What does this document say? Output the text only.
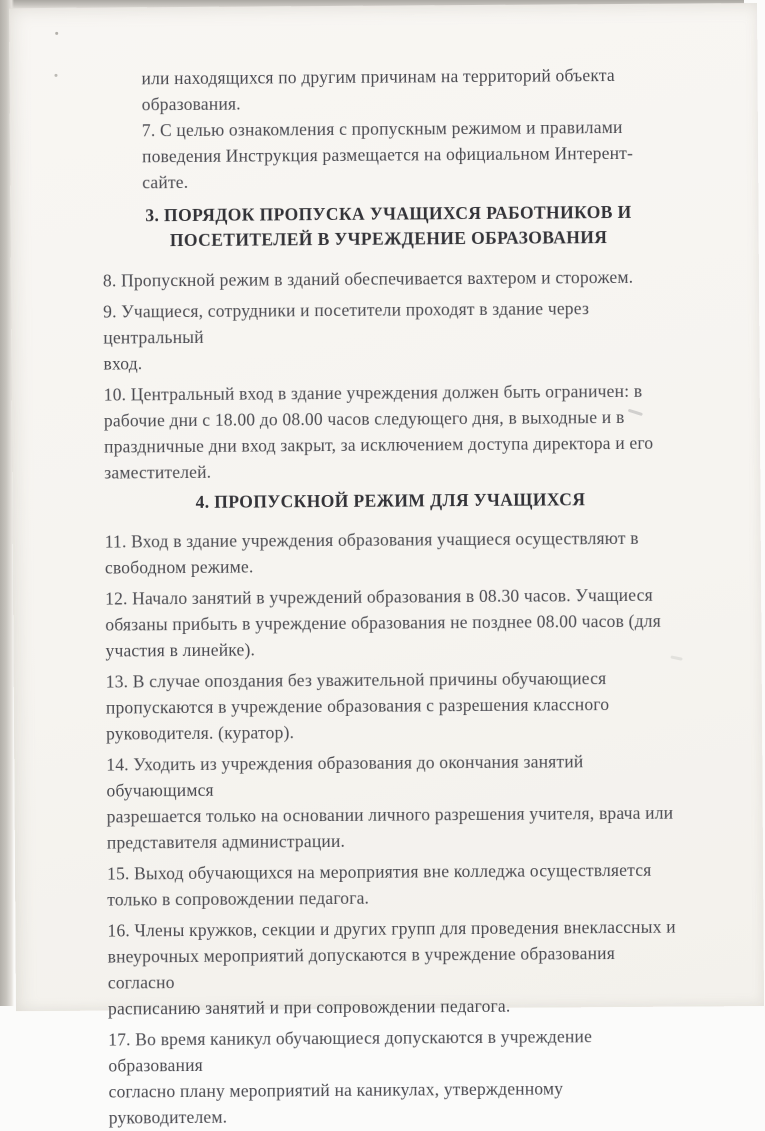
или находящихся по другим причинам на территорий объекта
образования.

7. С целью ознакомления с пропускным режимом и правилами
поведения Инструкция размещается на официальном Интерент-сайте.

3. ПОРЯДОК ПРОПУСКА УЧАЩИХСЯ РАБОТНИКОВ И
ПОСЕТИТЕЛЕЙ В УЧРЕЖДЕНИЕ ОБРАЗОВАНИЯ

8. Пропускной режим в зданий обеспечивается вахтером и сторожем.

9. Учащиеся, сотрудники и посетители проходят в здание через центральный
вход.

10. Центральный вход в здание учреждения должен быть ограничен: в
рабочие дни с 18.00 до 08.00 часов следующего дня, в выходные и в
праздничные дни вход закрыт, за исключением доступа директора и его
заместителей.

4. ПРОПУСКНОЙ РЕЖИМ ДЛЯ УЧАЩИХСЯ

11. Вход в здание учреждения образования учащиеся осуществляют в
свободном режиме.

12. Начало занятий в учреждений образования в 08.30 часов. Учащиеся
обязаны прибыть в учреждение образования не позднее 08.00 часов (для
участия в линейке).

13. В случае опоздания без уважительной причины обучающиеся
пропускаются в учреждение образования с разрешения классного
руководителя. (куратор).

14. Уходить из учреждения образования до окончания занятий обучающимся
разрешается только на основании личного разрешения учителя, врача или
представителя администрации.

15. Выход обучающихся на мероприятия вне колледжа осуществляется
только в сопровождении педагога.

16. Члены кружков, секции и других групп для проведения внеклассных и
внеурочных мероприятий допускаются в учреждение образования согласно
расписанию занятий и при сопровождении педагога.

17. Во время каникул обучающиеся допускаются в учреждение образования
согласно плану мероприятий на каникулах, утвержденному руководителем.
